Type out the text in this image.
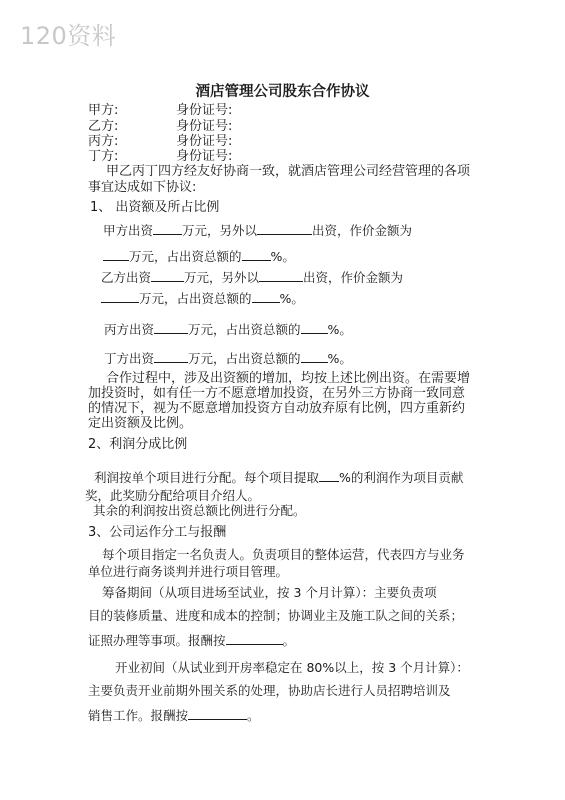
120资料
酒店管理公司股东合作协议
甲方:	身份证号:
乙方:	身份证号:
丙方:	身份证号:
丁方:	身份证号:
甲乙丙丁四方经友好协商一致，就酒店管理公司经营管理的各项
事宜达成如下协议:
1、 出资额及所占比例
甲方出资 万元，另外以	出资，作价金额为
万元，占出资总额的 %。
乙方出资	万元，另外以	出资，作价金额为
万元，占出资总额的 %。
丙方出资	万元，占出资总额的 %。
丁方出资	万元，占出资总额的 %。
合作过程中，涉及出资额的增加，均按上述比例出资。在需要增
加投资时，如有任一方不愿意增加投资，在另外三方协商一致同意
的情况下，视为不愿意增加投资方自动放弃原有比例，四方重新约
定出资额及比例。
2、利润分成比例
利润按单个项目进行分配。每个项目提取 %的利润作为项目贡献
奖，此奖励分配给项目介绍人。
其余的利润按出资总额比例进行分配。
3、公司运作分工与报酬
每个项目指定一名负责人。负责项目的整体运营，代表四方与业务
单位进行商务谈判并进行项目管理。
筹备期间（从项目进场至试业，按 3 个月计算）：主要负责项
目的装修质量、进度和成本的控制；协调业主及施工队之间的关系；
证照办理等事项。报酬按	。
开业初间（从试业到开房率稳定在 80%以上，按 3 个月计算）：
主要负责开业前期外围关系的处理，协助店长进行人员招聘培训及
销售工作。报酬按	。
